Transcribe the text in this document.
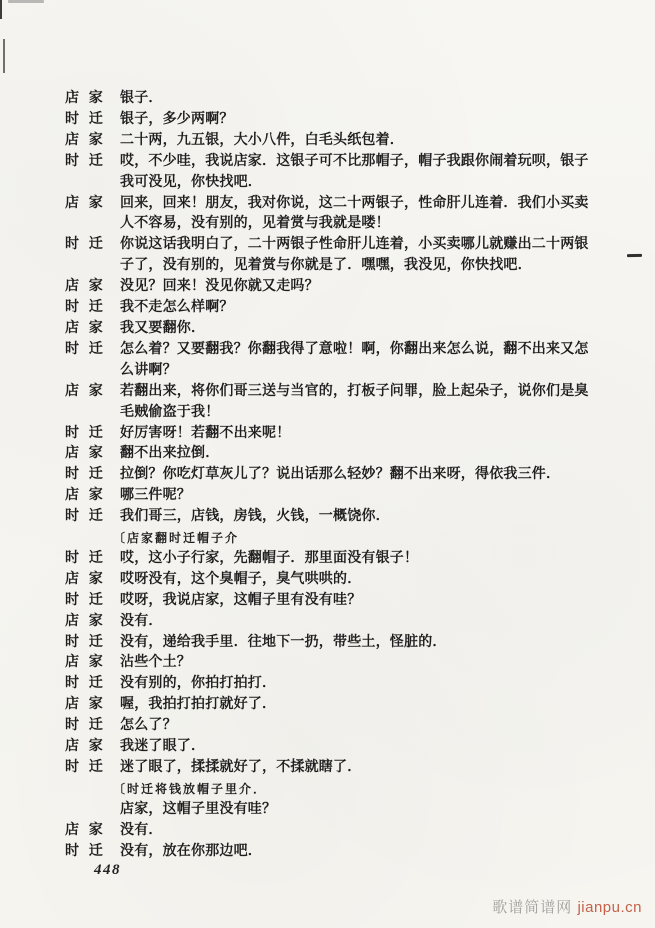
店家 银子．
时迁 银子，多少两啊？
店家 二十两，九五银，大小八件，白毛头纸包着．
时迁 哎，不少哇，我说店家．这银子可不比那帽子，帽子我跟你闹着玩呗，银子我可没见，你快找吧．
店家 回来，回来！朋友，我对你说，这二十两银子，性命肝儿连着．我们小买卖人不容易，没有别的，见着赏与我就是喽！
时迁 你说这话我明白了，二十两银子性命肝儿连着，小买卖哪儿就赚出二十两银子了，没有别的，见着赏与你就是了．嘿嘿，我没见，你快找吧．
店家 没见？回来！没见你就又走吗？
时迁 我不走怎么样啊？
店家 我又要翻你．
时迁 怎么着？又要翻我？你翻我得了意啦！啊，你翻出来怎么说，翻不出来又怎么讲啊？
店家 若翻出来，将你们哥三送与当官的，打板子问罪，脸上起朵子，说你们是臭毛贼偷盗于我！
时迁 好厉害呀！若翻不出来呢！
店家 翻不出来拉倒．
时迁 拉倒？你吃灯草灰儿了？说出话那么轻妙？翻不出来呀，得依我三件．
店家 哪三件呢？
时迁 我们哥三，店钱，房钱，火钱，一概饶你．
〔店家翻时迁帽子介
时迁 哎，这小子行家，先翻帽子．那里面没有银子！
店家 哎呀没有，这个臭帽子，臭气哄哄的．
时迁 哎呀，我说店家，这帽子里有没有哇？
店家 没有．
时迁 没有，递给我手里．往地下一扔，带些土，怪脏的．
店家 沾些个土？
时迁 没有别的，你拍打拍打．
店家 喔，我拍打拍打就好了．
时迁 怎么了？
店家 我迷了眼了．
时迁 迷了眼了，揉揉就好了，不揉就瞎了．
〔时迁将钱放帽子里介．
店家，这帽子里没有哇？
店家 没有．
时迁 没有，放在你那边吧．
448
歌谱简谱网 jianpu.cn
